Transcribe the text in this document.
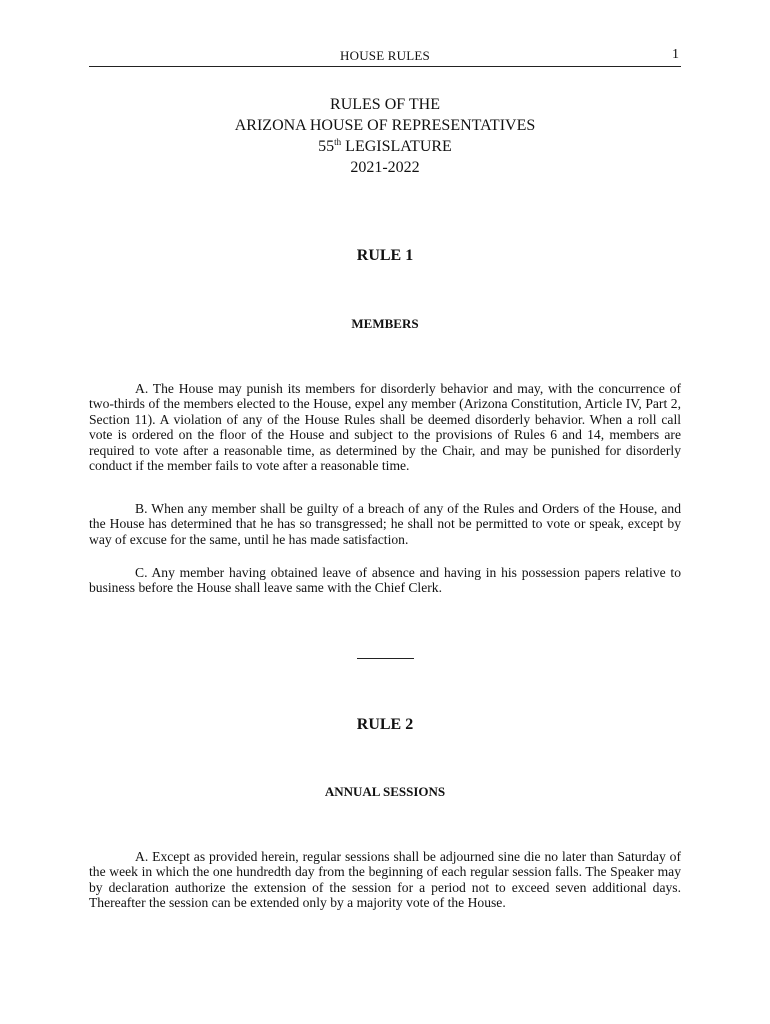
HOUSE RULES	1
RULES OF THE
ARIZONA HOUSE OF REPRESENTATIVES
55th LEGISLATURE
2021-2022
RULE 1
MEMBERS

A. The House may punish its members for disorderly behavior and may, with the concurrence of two-thirds of the members elected to the House, expel any member (Arizona Constitution, Article IV, Part 2, Section 11). A violation of any of the House Rules shall be deemed disorderly behavior. When a roll call vote is ordered on the floor of the House and subject to the provisions of Rules 6 and 14, members are required to vote after a reasonable time, as determined by the Chair, and may be punished for disorderly conduct if the member fails to vote after a reasonable time.

B. When any member shall be guilty of a breach of any of the Rules and Orders of the House, and the House has determined that he has so transgressed; he shall not be permitted to vote or speak, except by way of excuse for the same, until he has made satisfaction.

C. Any member having obtained leave of absence and having in his possession papers relative to business before the House shall leave same with the Chief Clerk.

RULE 2
ANNUAL SESSIONS

A. Except as provided herein, regular sessions shall be adjourned sine die no later than Saturday of the week in which the one hundredth day from the beginning of each regular session falls. The Speaker may by declaration authorize the extension of the session for a period not to exceed seven additional days. Thereafter the session can be extended only by a majority vote of the House.
